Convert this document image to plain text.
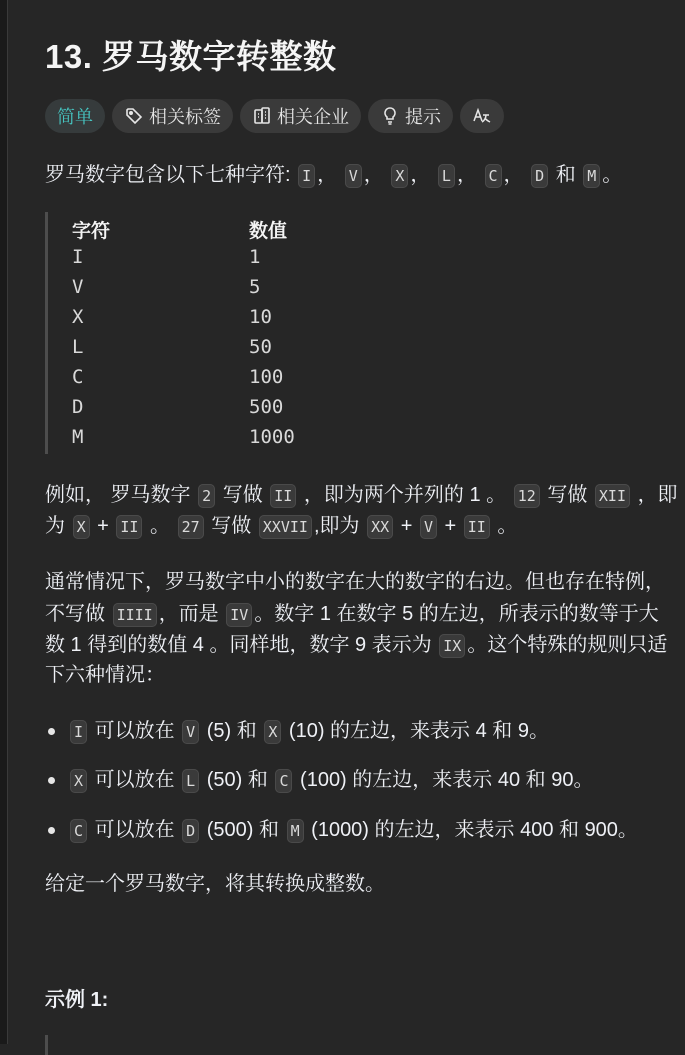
13. 罗马数字转整数
简单	相关标签	相关企业	提示
罗马数字包含以下七种字符: I ， V ， X ， L ， C ， D 和 M 。
字符	数值
I	1
V	5
X	10
L	50
C	100
D	500
M	1000
例如， 罗马数字 2 写做 II ，即为两个并列的 1 。 12 写做 XII ，即
为 X + II 。 27 写做 XXVII ,即为 XX + V + II 。
通常情况下，罗马数字中小的数字在大的数字的右边。但也存在特例，
不写做 IIII ，而是 IV 。数字 1 在数字 5 的左边，所表示的数等于大
数 1 得到的数值 4 。同样地，数字 9 表示为 IX 。这个特殊的规则只适
下六种情况：
I 可以放在 V (5) 和 X (10) 的左边，来表示 4 和 9。
X 可以放在 L (50) 和 C (100) 的左边，来表示 40 和 90。
C 可以放在 D (500) 和 M (1000) 的左边，来表示 400 和 900。
给定一个罗马数字，将其转换成整数。
示例 1:
